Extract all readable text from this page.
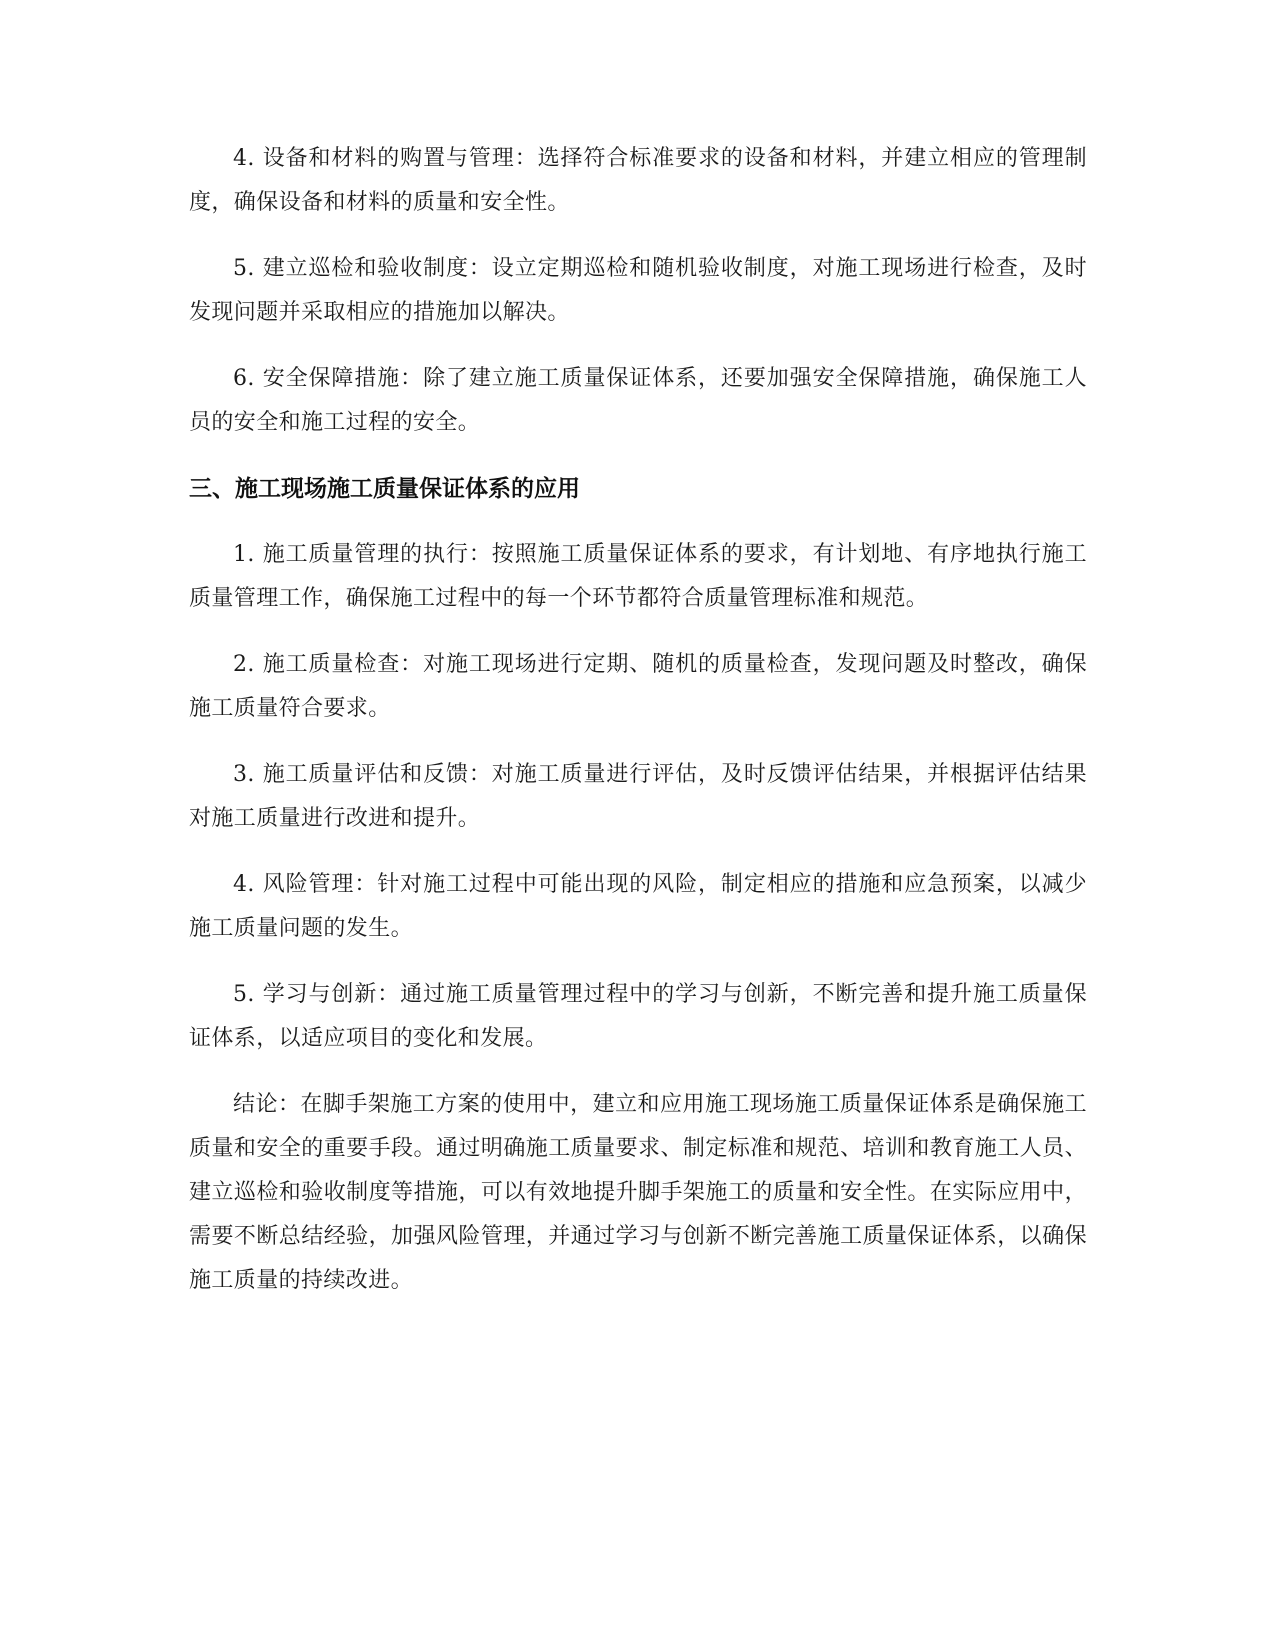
4. 设备和材料的购置与管理：选择符合标准要求的设备和材料，并建立相应的管理制度，确保设备和材料的质量和安全性。

5. 建立巡检和验收制度：设立定期巡检和随机验收制度，对施工现场进行检查，及时发现问题并采取相应的措施加以解决。

6. 安全保障措施：除了建立施工质量保证体系，还要加强安全保障措施，确保施工人员的安全和施工过程的安全。

三、施工现场施工质量保证体系的应用

1. 施工质量管理的执行：按照施工质量保证体系的要求，有计划地、有序地执行施工质量管理工作，确保施工过程中的每一个环节都符合质量管理标准和规范。

2. 施工质量检查：对施工现场进行定期、随机的质量检查，发现问题及时整改，确保施工质量符合要求。

3. 施工质量评估和反馈：对施工质量进行评估，及时反馈评估结果，并根据评估结果对施工质量进行改进和提升。

4. 风险管理：针对施工过程中可能出现的风险，制定相应的措施和应急预案，以减少施工质量问题的发生。

5. 学习与创新：通过施工质量管理过程中的学习与创新，不断完善和提升施工质量保证体系，以适应项目的变化和发展。

结论：在脚手架施工方案的使用中，建立和应用施工现场施工质量保证体系是确保施工质量和安全的重要手段。通过明确施工质量要求、制定标准和规范、培训和教育施工人员、建立巡检和验收制度等措施，可以有效地提升脚手架施工的质量和安全性。在实际应用中，需要不断总结经验，加强风险管理，并通过学习与创新不断完善施工质量保证体系，以确保施工质量的持续改进。
